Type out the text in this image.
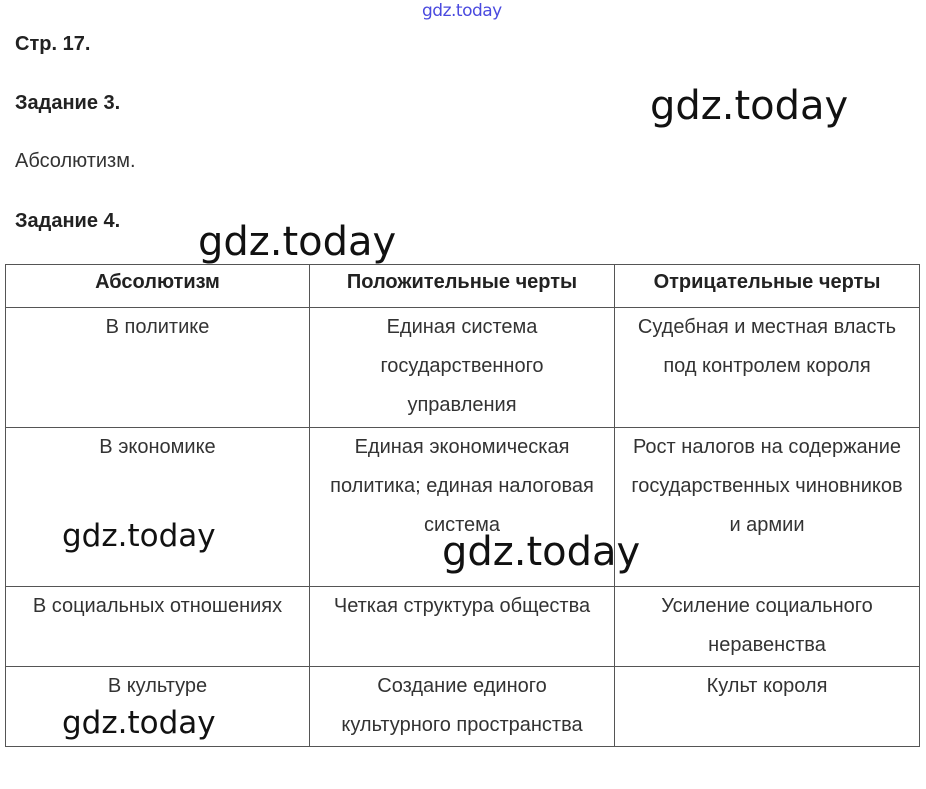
gdz.today
Стр. 17.
Задание 3.	gdz.today
Абсолютизм.
Задание 4. gdz.today
Абсолютизм	Положительные черты	Отрицательные черты
В политике	Единая система государственного управления	Судебная и местная власть под контролем короля
В экономике	Единая экономическая политика; единая налоговая система	Рост налогов на содержание государственных чиновников и армии
В социальных отношениях	Четкая структура общества	Усиление социального неравенства
В культуре	Создание единого культурного пространства	Культ короля
gdz.today	gdz.today
gdz.today
